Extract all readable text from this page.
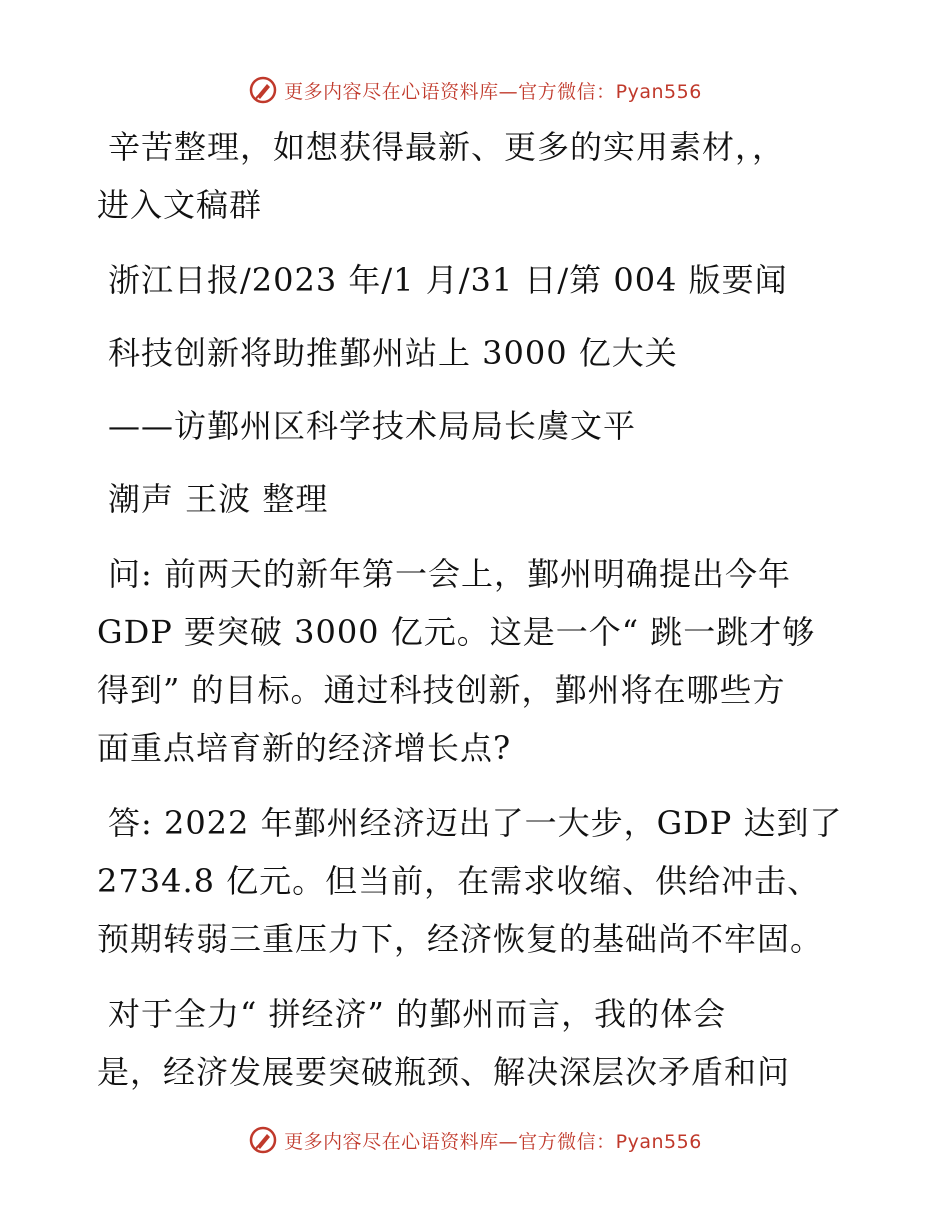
更多内容尽在心语资料库—官方微信：Pyan556
辛苦整理，如想获得最新、更多的实用素材，，
进入文稿群
浙江日报/2023 年/1 月/31 日/第 004 版要闻
科技创新将助推鄞州站上 3000 亿大关
——访鄞州区科学技术局局长虞文平
潮声 王波 整理
问: 前两天的新年第一会上，鄞州明确提出今年
GDP 要突破 3000 亿元。这是一个“ 跳一跳才够
得到” 的目标。通过科技创新，鄞州将在哪些方
面重点培育新的经济增长点?
答: 2022 年鄞州经济迈出了一大步，GDP 达到了
2734.8 亿元。但当前，在需求收缩、供给冲击、
预期转弱三重压力下，经济恢复的基础尚不牢固。
对于全力“ 拼经济” 的鄞州而言，我的体会
是，经济发展要突破瓶颈、解决深层次矛盾和问
更多内容尽在心语资料库—官方微信：Pyan556
